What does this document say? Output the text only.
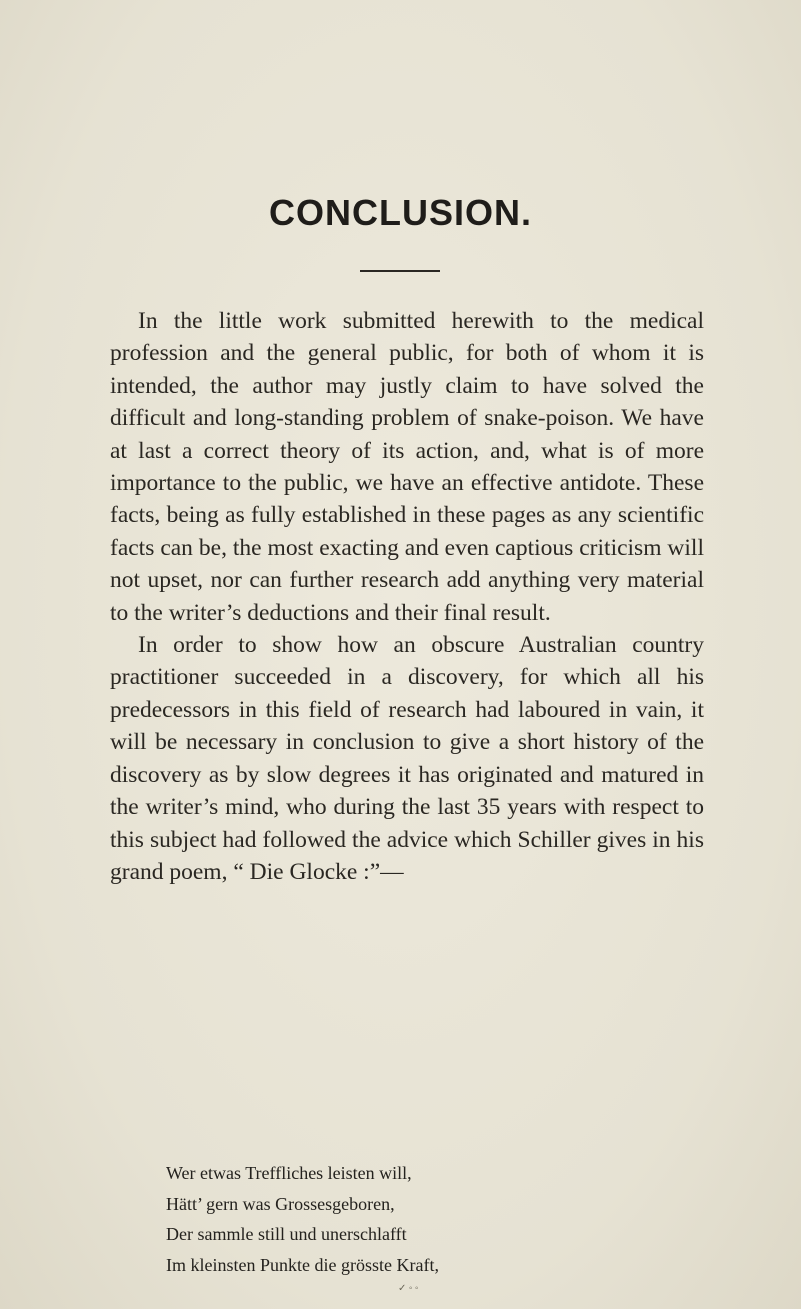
CONCLUSION.

In the little work submitted herewith to the medical profession and the general public, for both of whom it is intended, the author may justly claim to have solved the difficult and long-standing problem of snake-poison. We have at last a correct theory of its action, and, what is of more importance to the public, we have an effective antidote. These facts, being as fully established in these pages as any scientific facts can be, the most exacting and even captious criticism will not upset, nor can further research add anything very material to the writer’s deductions and their final result.

In order to show how an obscure Australian country practitioner succeeded in a discovery, for which all his predecessors in this field of research had laboured in vain, it will be necessary in conclusion to give a short history of the discovery as by slow degrees it has originated and matured in the writer’s mind, who during the last 35 years with respect to this subject had followed the advice which Schiller gives in his grand poem, “ Die Glocke :”—

Wer etwas Treffliches leisten will,
Hätt’ gern was Grossesgeboren,
Der sammle still und unerschlafft
Im kleinsten Punkte die grösste Kraft,
✓ ◦ ◦
